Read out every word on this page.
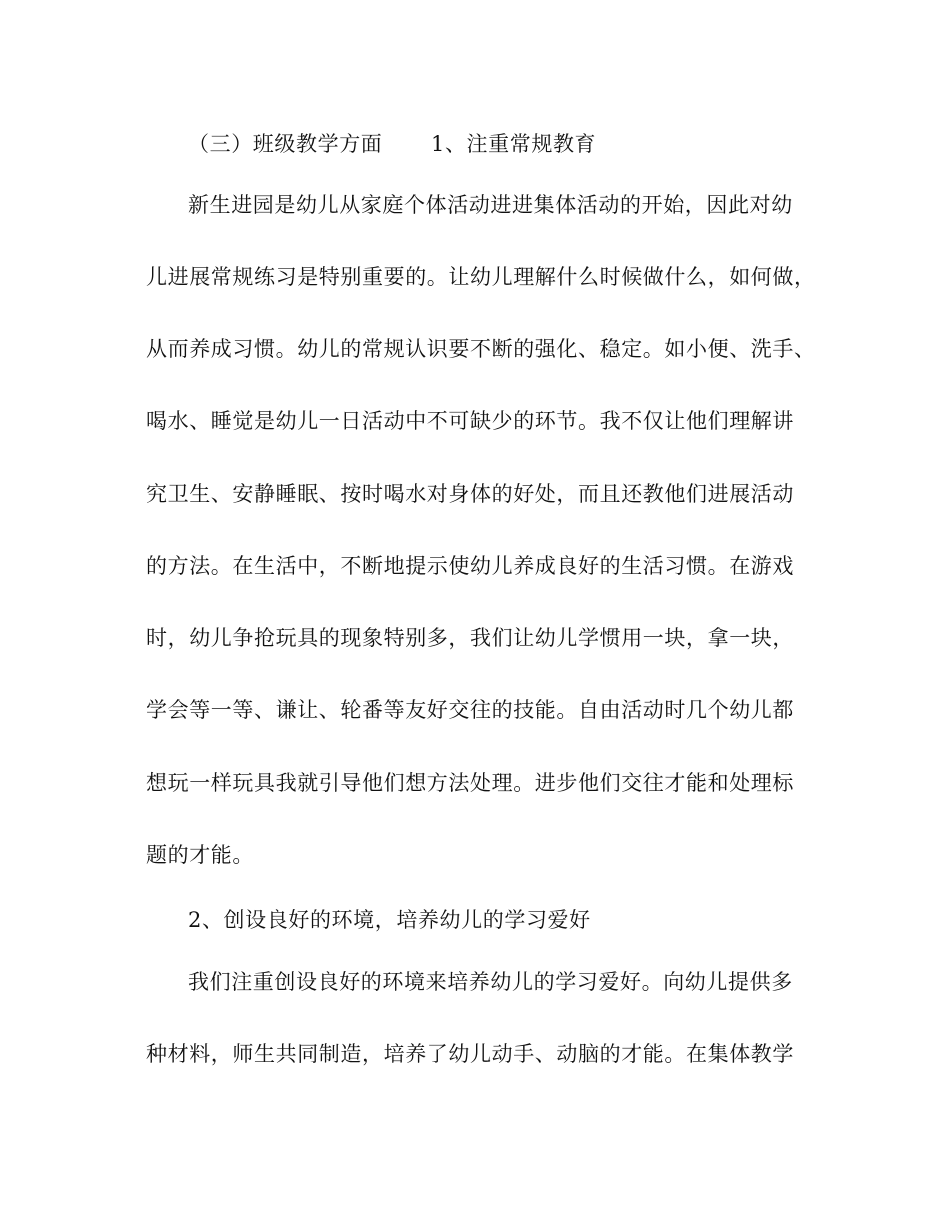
（三）班级教学方面	1、注重常规教育
新生进园是幼儿从家庭个体活动进进集体活动的开始，因此对幼
儿进展常规练习是特别重要的。让幼儿理解什么时候做什么，如何做，
从而养成习惯。幼儿的常规认识要不断的强化、稳定。如小便、洗手、
喝水、睡觉是幼儿一日活动中不可缺少的环节。我不仅让他们理解讲
究卫生、安静睡眠、按时喝水对身体的好处，而且还教他们进展活动
的方法。在生活中，不断地提示使幼儿养成良好的生活习惯。在游戏
时，幼儿争抢玩具的现象特别多，我们让幼儿学惯用一块，拿一块，
学会等一等、谦让、轮番等友好交往的技能。自由活动时几个幼儿都
想玩一样玩具我就引导他们想方法处理。进步他们交往才能和处理标
题的才能。
2、创设良好的环境，培养幼儿的学习爱好
我们注重创设良好的环境来培养幼儿的学习爱好。向幼儿提供多
种材料，师生共同制造，培养了幼儿动手、动脑的才能。在集体教学
